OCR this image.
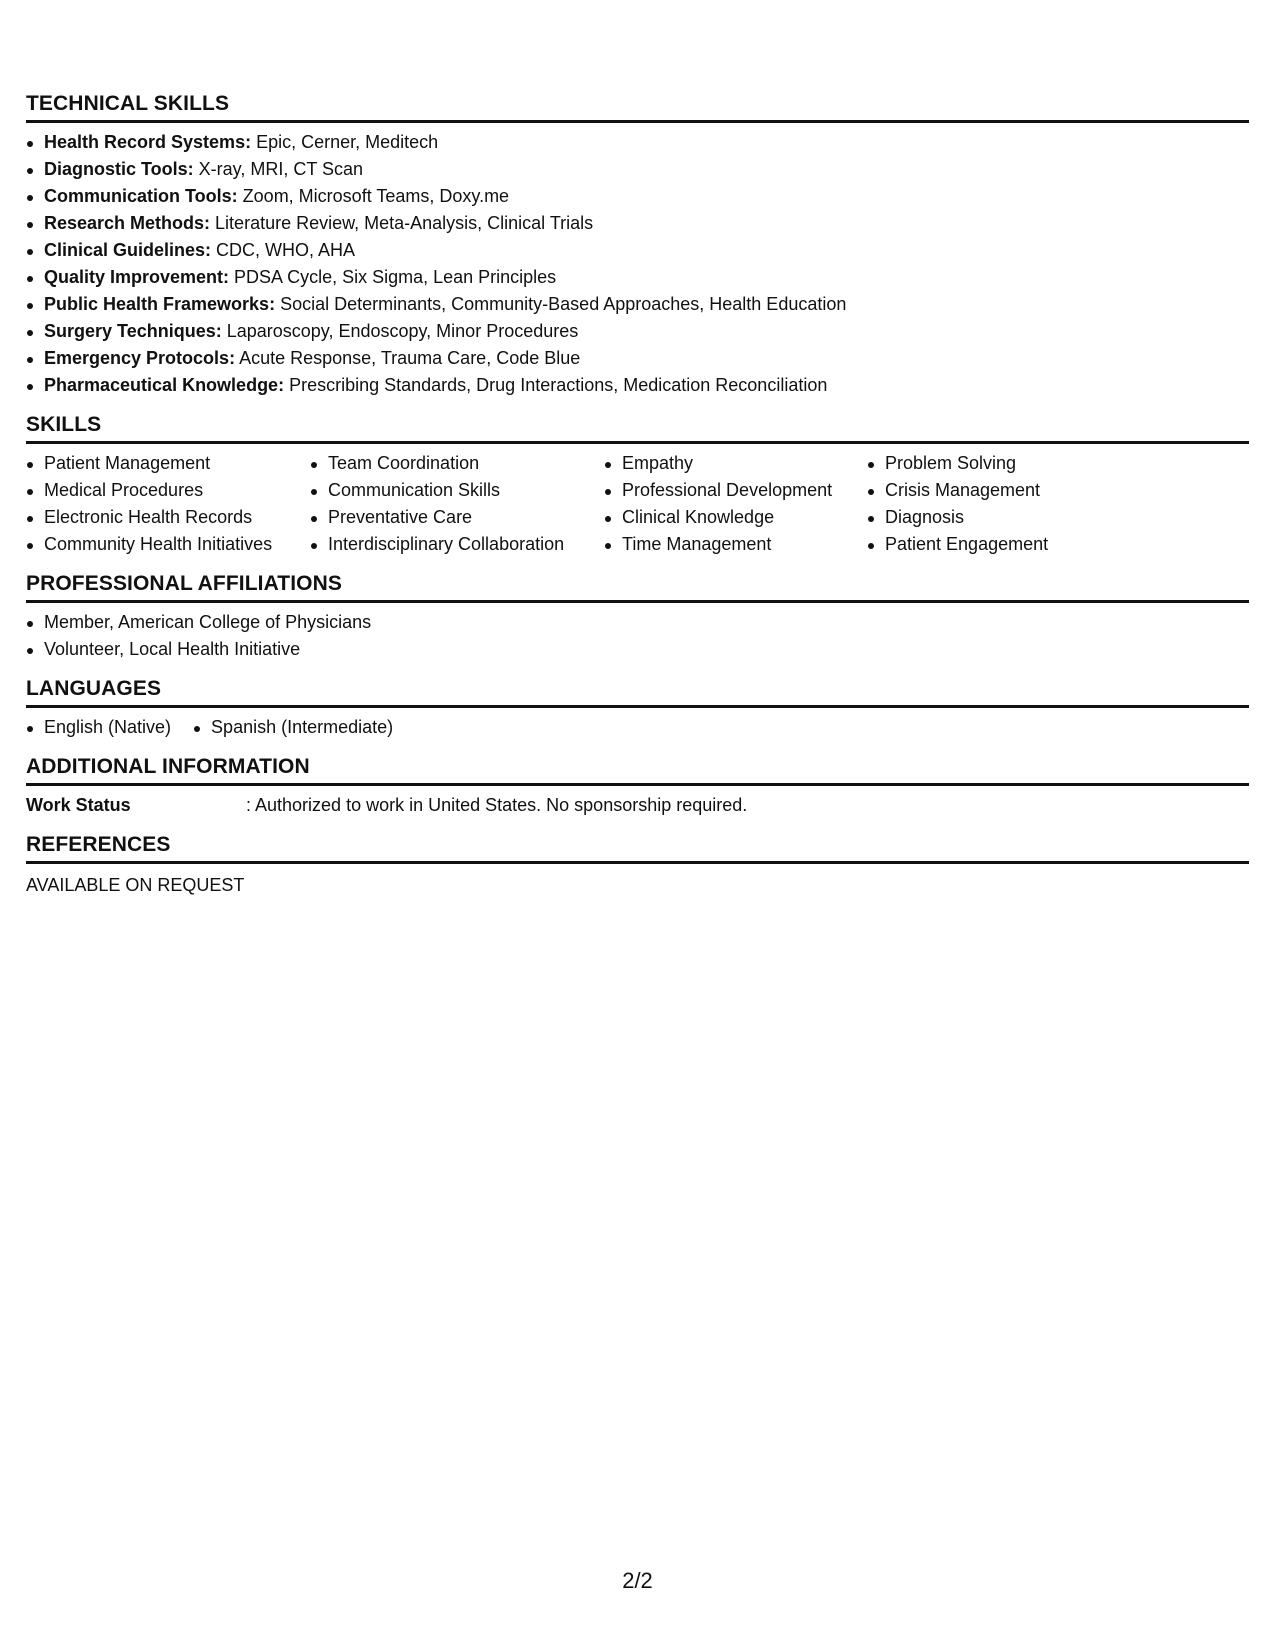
TECHNICAL SKILLS
Health Record Systems: Epic, Cerner, Meditech
Diagnostic Tools: X-ray, MRI, CT Scan
Communication Tools: Zoom, Microsoft Teams, Doxy.me
Research Methods: Literature Review, Meta-Analysis, Clinical Trials
Clinical Guidelines: CDC, WHO, AHA
Quality Improvement: PDSA Cycle, Six Sigma, Lean Principles
Public Health Frameworks: Social Determinants, Community-Based Approaches, Health Education
Surgery Techniques: Laparoscopy, Endoscopy, Minor Procedures
Emergency Protocols: Acute Response, Trauma Care, Code Blue
Pharmaceutical Knowledge: Prescribing Standards, Drug Interactions, Medication Reconciliation
SKILLS
Patient Management
Medical Procedures
Electronic Health Records
Community Health Initiatives
Team Coordination
Communication Skills
Preventative Care
Interdisciplinary Collaboration
Empathy
Professional Development
Clinical Knowledge
Time Management
Problem Solving
Crisis Management
Diagnosis
Patient Engagement
PROFESSIONAL AFFILIATIONS
Member, American College of Physicians
Volunteer, Local Health Initiative
LANGUAGES
English (Native)	Spanish (Intermediate)
ADDITIONAL INFORMATION
Work Status	: Authorized to work in United States. No sponsorship required.
REFERENCES
AVAILABLE ON REQUEST
2/2
